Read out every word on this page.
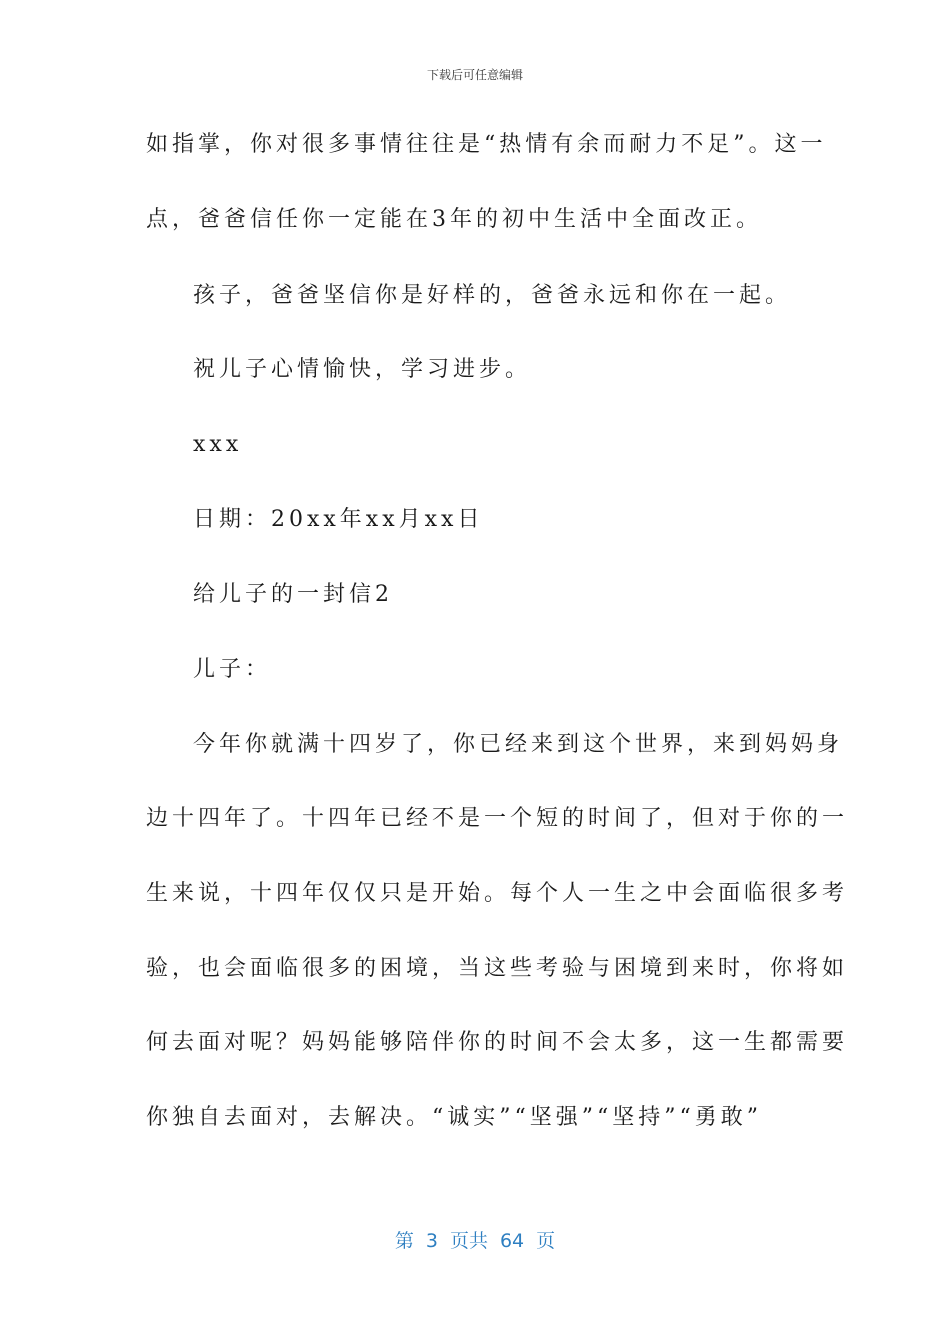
下载后可任意编辑
如指掌，你对很多事情往往是“热情有余而耐力不足”。这一
点，爸爸信任你一定能在3年的初中生活中全面改正。
孩子，爸爸坚信你是好样的，爸爸永远和你在一起。
祝儿子心情愉快，学习进步。
xxx
日期：20xx年xx月xx日
给儿子的一封信2
儿子：
今年你就满十四岁了，你已经来到这个世界，来到妈妈身
边十四年了。十四年已经不是一个短的时间了，但对于你的一
生来说，十四年仅仅只是开始。每个人一生之中会面临很多考
验，也会面临很多的困境，当这些考验与困境到来时，你将如
何去面对呢？妈妈能够陪伴你的时间不会太多，这一生都需要
你独自去面对，去解决。“诚实”“坚强”“坚持”“勇敢”
第 3 页共 64 页
